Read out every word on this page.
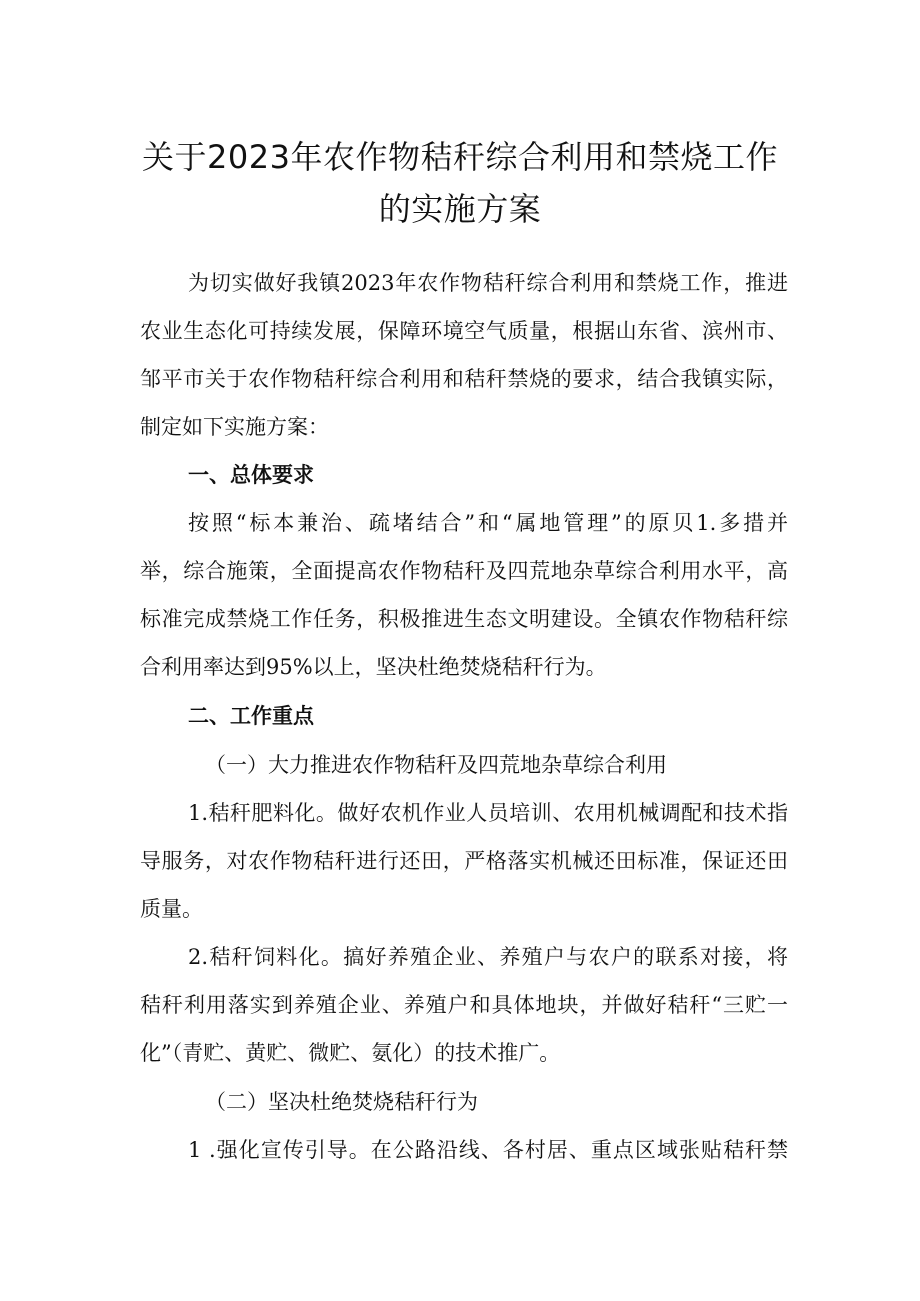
关于2023年农作物秸秆综合利用和禁烧工作
的实施方案
为切实做好我镇2023年农作物秸秆综合利用和禁烧工作，推进
农业生态化可持续发展，保障环境空气质量，根据山东省、滨州市、
邹平市关于农作物秸秆综合利用和秸秆禁烧的要求，结合我镇实际，
制定如下实施方案：
一、总体要求
按照“标本兼治、疏堵结合”和“属地管理”的原贝1.多措并
举，综合施策，全面提高农作物秸秆及四荒地杂草综合利用水平，高
标准完成禁烧工作任务，积极推进生态文明建设。全镇农作物秸秆综
合利用率达到95%以上，坚决杜绝焚烧秸秆行为。
二、工作重点
（一）大力推进农作物秸秆及四荒地杂草综合利用
1.秸秆肥料化。做好农机作业人员培训、农用机械调配和技术指
导服务，对农作物秸秆进行还田，严格落实机械还田标准，保证还田
质量。
2.秸秆饲料化。搞好养殖企业、养殖户与农户的联系对接，将
秸秆利用落实到养殖企业、养殖户和具体地块，并做好秸秆“三贮一
化”（青贮、黄贮、微贮、氨化）的技术推广。
（二）坚决杜绝焚烧秸秆行为
1 .强化宣传引导。在公路沿线、各村居、重点区域张贴秸秆禁
